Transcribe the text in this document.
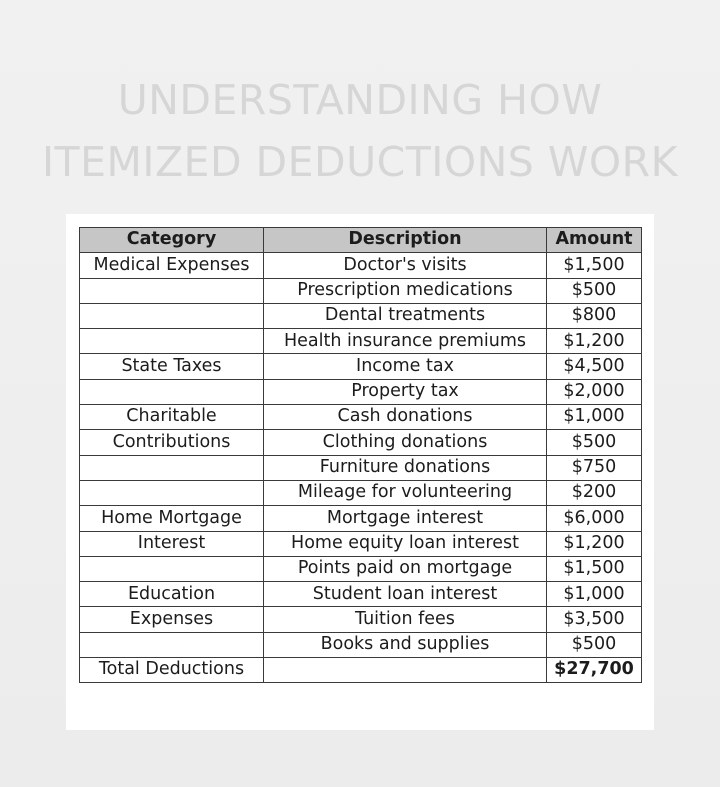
UNDERSTANDING HOW
ITEMIZED DEDUCTIONS WORK
Category	Description	Amount
Medical Expenses	Doctor's visits	$1,500
	Prescription medications	$500
	Dental treatments	$800
	Health insurance premiums	$1,200
State Taxes	Income tax	$4,500
	Property tax	$2,000
Charitable	Cash donations	$1,000
Contributions	Clothing donations	$500
	Furniture donations	$750
	Mileage for volunteering	$200
Home Mortgage	Mortgage interest	$6,000
Interest	Home equity loan interest	$1,200
	Points paid on mortgage	$1,500
Education	Student loan interest	$1,000
Expenses	Tuition fees	$3,500
	Books and supplies	$500
Total Deductions		$27,700
